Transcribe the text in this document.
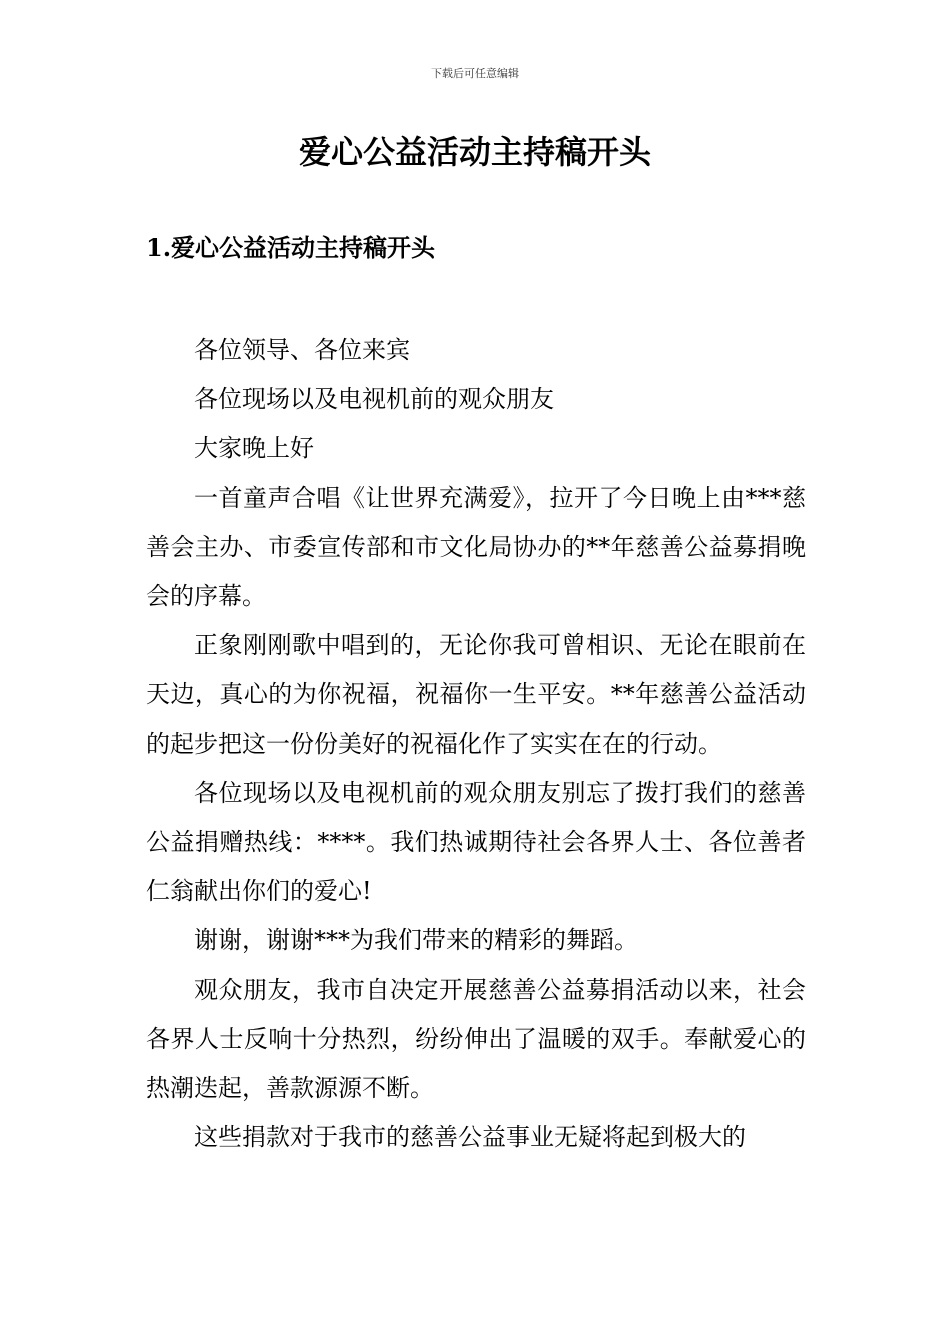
下载后可任意编辑
爱心公益活动主持稿开头
1.爱心公益活动主持稿开头

各位领导、各位来宾

各位现场以及电视机前的观众朋友

大家晚上好

一首童声合唱《让世界充满爱》，拉开了今日晚上由***慈善会主办、市委宣传部和市文化局协办的**年慈善公益募捐晚会的序幕。

正象刚刚歌中唱到的，无论你我可曾相识、无论在眼前在天边，真心的为你祝福，祝福你一生平安。**年慈善公益活动的起步把这一份份美好的祝福化作了实实在在的行动。

各位现场以及电视机前的观众朋友别忘了拨打我们的慈善公益捐赠热线：****。我们热诚期待社会各界人士、各位善者仁翁献出你们的爱心!

谢谢，谢谢***为我们带来的精彩的舞蹈。

观众朋友，我市自决定开展慈善公益募捐活动以来，社会各界人士反响十分热烈，纷纷伸出了温暖的双手。奉献爱心的热潮迭起，善款源源不断。

这些捐款对于我市的慈善公益事业无疑将起到极大的
